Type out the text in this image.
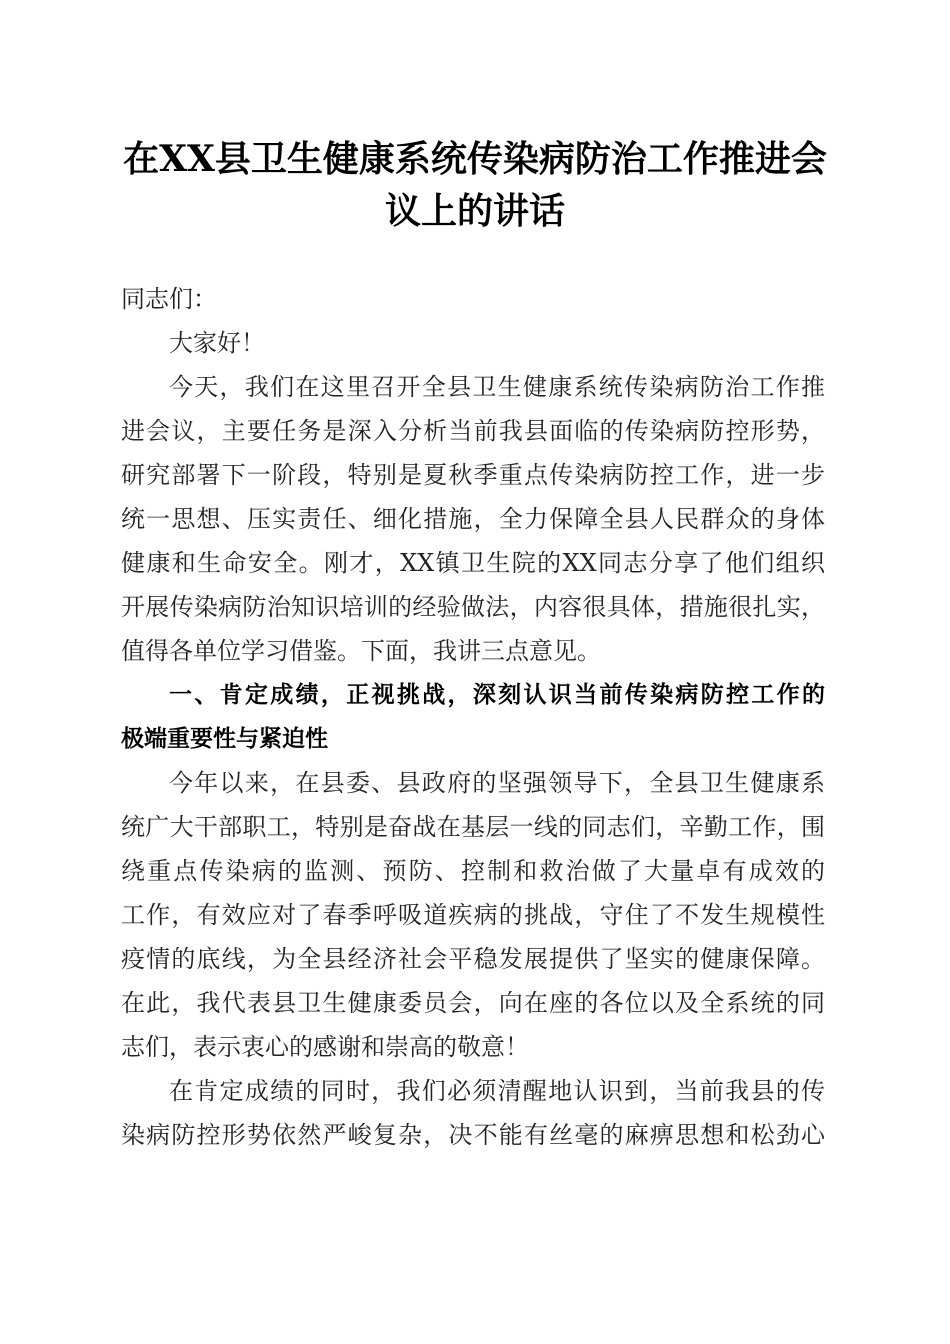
在XX县卫生健康系统传染病防治工作推进会
议上的讲话
同志们：
大家好！
今天，我们在这里召开全县卫生健康系统传染病防治工作推
进会议，主要任务是深入分析当前我县面临的传染病防控形势，
研究部署下一阶段，特别是夏秋季重点传染病防控工作，进一步
统一思想、压实责任、细化措施，全力保障全县人民群众的身体
健康和生命安全。刚才，XX镇卫生院的XX同志分享了他们组织
开展传染病防治知识培训的经验做法，内容很具体，措施很扎实，
值得各单位学习借鉴。下面，我讲三点意见。
一、肯定成绩，正视挑战，深刻认识当前传染病防控工作的
极端重要性与紧迫性
今年以来，在县委、县政府的坚强领导下，全县卫生健康系
统广大干部职工，特别是奋战在基层一线的同志们，辛勤工作，围
绕重点传染病的监测、预防、控制和救治做了大量卓有成效的
工作，有效应对了春季呼吸道疾病的挑战，守住了不发生规模性
疫情的底线，为全县经济社会平稳发展提供了坚实的健康保障。
在此，我代表县卫生健康委员会，向在座的各位以及全系统的同
志们，表示衷心的感谢和崇高的敬意！
在肯定成绩的同时，我们必须清醒地认识到，当前我县的传
染病防控形势依然严峻复杂，决不能有丝毫的麻痹思想和松劲心
